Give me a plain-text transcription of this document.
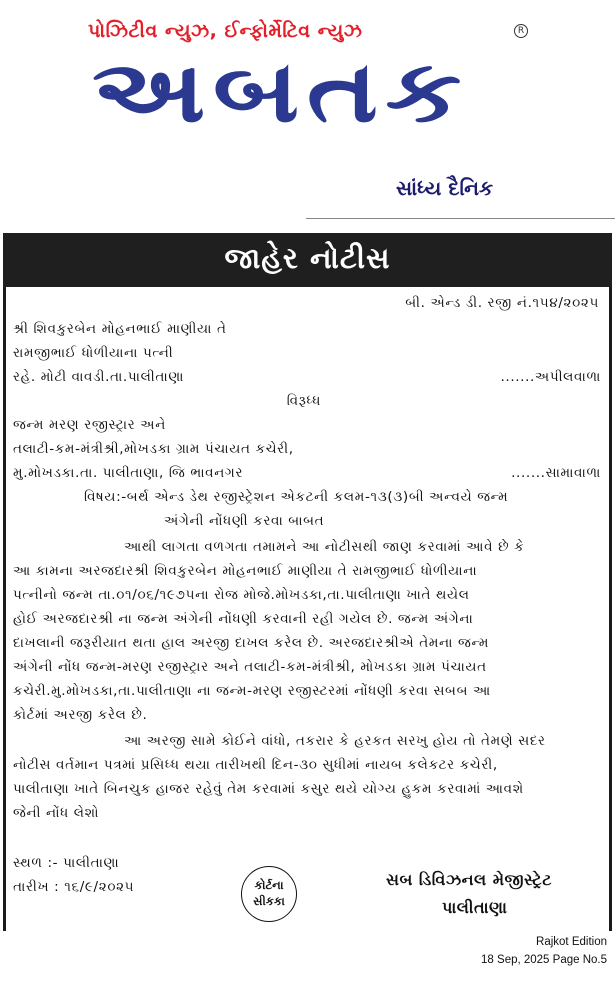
પોઝિટીવ ન્યુઝ, ઈન્ફોર્મેટિવ ન્યુઝ	R
અબતક
સાંધ્ય દૈનિક
જાહેર નોટીસ
બી. એન્ડ ડી. રજી નં.૧૫૪/૨૦૨૫
શ્રી શિવકુરબેન મોહનભાઈ માણીયા તે
રામજીભાઈ ધોળીયાના પત્ની
રહે. મોટી વાવડી.તા.પાલીતાણા	.......અપીલવાળા
વિરૂધ્ધ
જન્મ મરણ રજીસ્ટ્રાર અને
તલાટી-કમ-મંત્રીશ્રી,મોખડકા ગ્રામ પંચાયત કચેરી,
મુ.મોખડકા.તા. પાલીતાણા, જિ ભાવનગર	.......સામાવાળા
વિષય:-બર્થ એન્ડ ડેથ રજીસ્ટ્રેશન એકટની કલમ-૧૩(૩)બી અન્વયે જન્મ
અંગેની નોંધણી કરવા બાબત
આથી લાગતા વળગતા તમામને આ નોટીસથી જાણ કરવામાં આવે છે કે
આ કામના અરજદારશ્રી શિવકુરબેન મોહનભાઈ માણીયા તે રામજીભાઈ ધોળીયાના
પત્નીનો જન્મ તા.૦૧/૦૬/૧૯૭૫ના રોજ મોજે.મોખડકા,તા.પાલીતાણા ખાતે થયેલ
હોઈ અરજદારશ્રી ના જન્મ અંગેની નોંધણી કરવાની રહી ગયેલ છે. જન્મ અંગેના
દાખલાની જરૂરીયાત થતા હાલ અરજી દાખલ કરેલ છે. અરજદારશ્રીએ તેમના જન્મ
અંગેની નોંધ જન્મ-મરણ રજીસ્ટ્રાર અને તલાટી-કમ-મંત્રીશ્રી, મોખડકા ગ્રામ પંચાયત
કચેરી.મુ.મોખડકા,તા.પાલીતાણા ના જન્મ-મરણ રજીસ્ટરમાં નોંધણી કરવા સબબ આ
કોર્ટમાં અરજી કરેલ છે.
આ અરજી સામે કોઈને વાંધો, તકરાર કે હરકત સરખુ હોય તો તેમણે સદર
નોટીસ વર્તમાન પત્રમાં પ્રસિધ્ધ થયા તારીખથી દિન-૩૦ સુધીમાં નાયબ કલેકટર કચેરી,
પાલીતાણા ખાતે બિનચુક હાજર રહેવું તેમ કરવામાં કસુર થયે યોગ્ય હુકમ કરવામાં આવશે
જેની નોંધ લેશો
સ્થળ :- પાલીતાણા
તારીખ : ૧૬/૯/૨૦૨૫	કોર્ટના
સીકકા
સબ ડિવિઝનલ મેજીસ્ટ્રેટ
પાલીતાણા
Rajkot Edition
18 Sep, 2025 Page No.5
